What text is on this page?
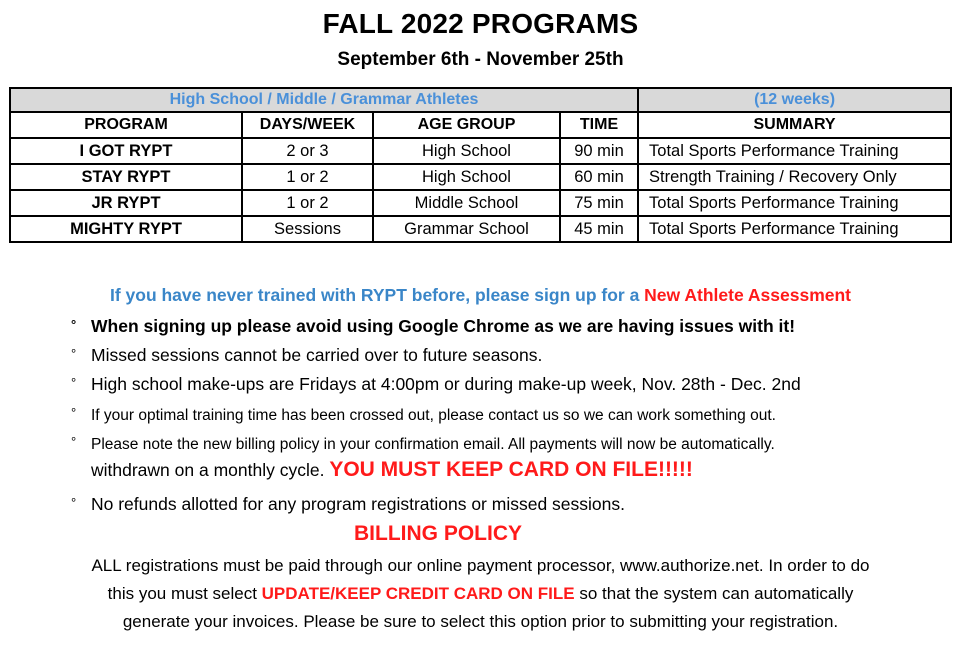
FALL 2022 PROGRAMS
September 6th - November 25th
High School / Middle / Grammar Athletes				(12 weeks)
PROGRAM	DAYS/WEEK	AGE GROUP	TIME	SUMMARY
I GOT RYPT	2 or 3	High School	90 min	Total Sports Performance Training
STAY RYPT	1 or 2	High School	60 min	Strength Training / Recovery Only
JR RYPT	1 or 2	Middle School	75 min	Total Sports Performance Training
MIGHTY RYPT	Sessions	Grammar School	45 min	Total Sports Performance Training
If you have never trained with RYPT before, please sign up for a New Athlete Assessment
° When signing up please avoid using Google Chrome as we are having issues with it!
° Missed sessions cannot be carried over to future seasons.
° High school make-ups are Fridays at 4:00pm or during make-up week, Nov. 28th - Dec. 2nd
° If your optimal training time has been crossed out, please contact us so we can work something out.
° Please note the new billing policy in your confirmation email. All payments will now be automatically.
withdrawn on a monthly cycle. YOU MUST KEEP CARD ON FILE!!!!!
° No refunds allotted for any program registrations or missed sessions.
BILLING POLICY
ALL registrations must be paid through our online payment processor, www.authorize.net. In order to do
this you must select UPDATE/KEEP CREDIT CARD ON FILE so that the system can automatically
generate your invoices. Please be sure to select this option prior to submitting your registration.
